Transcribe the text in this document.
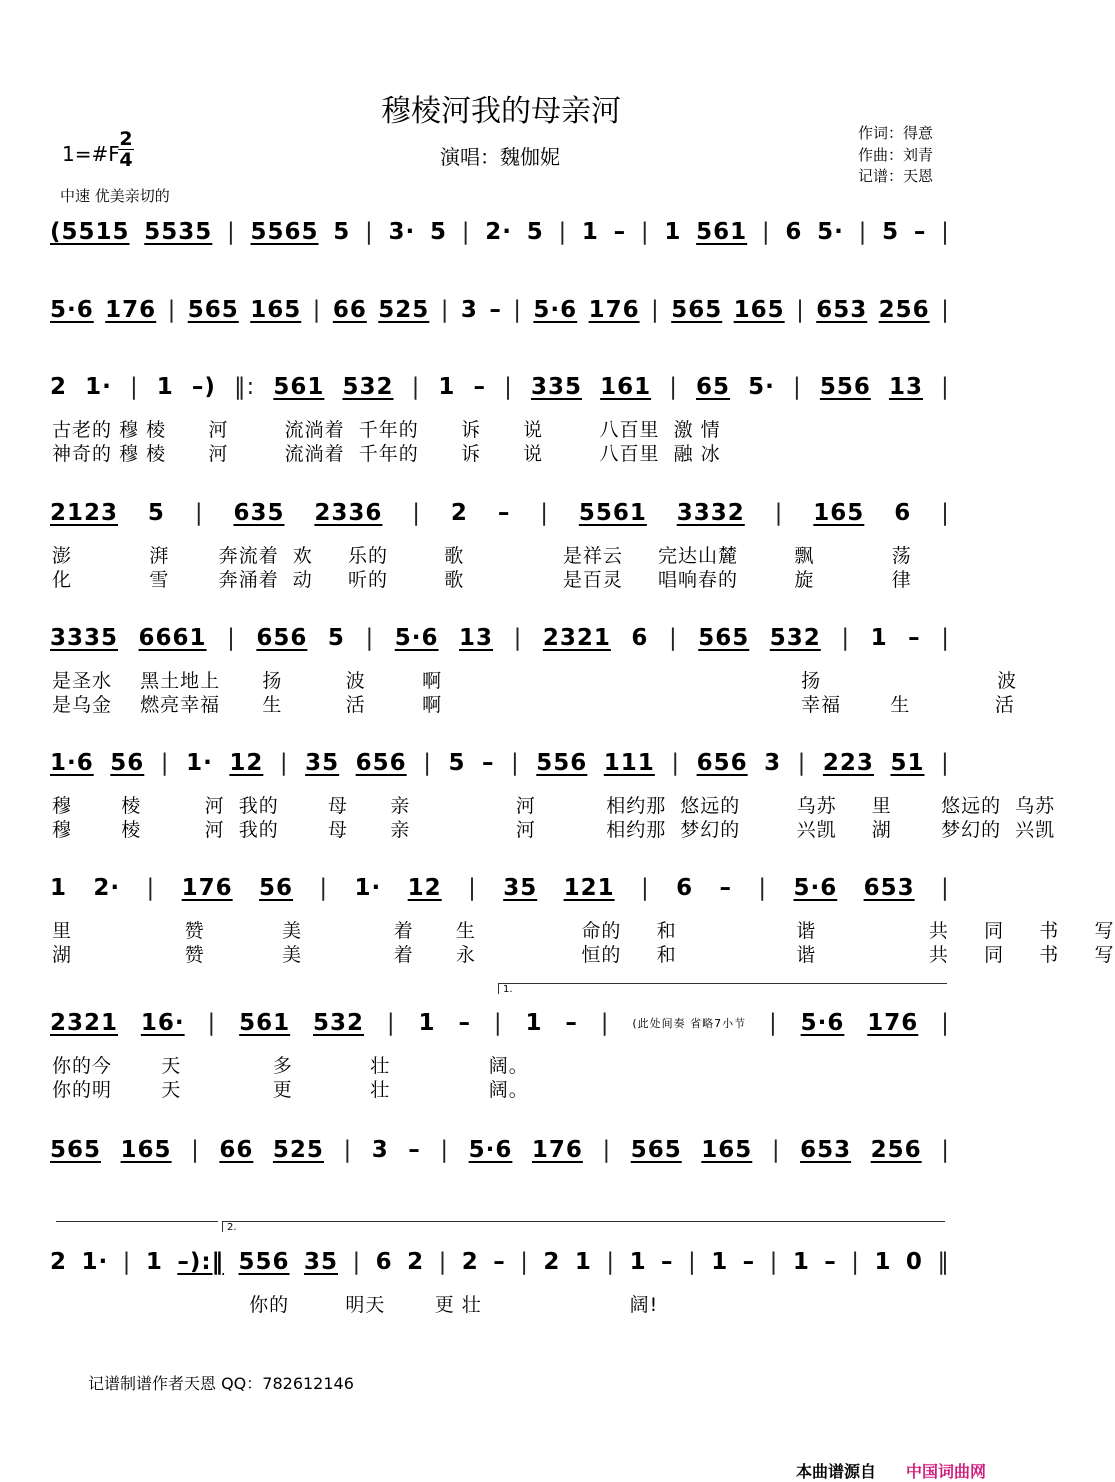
穆棱河我的母亲河
1=#F
$\frac{2}{4}$	演唱：魏伽妮
作词：得意
作曲：刘青
记谱：天恩
中速 优美亲切的
(5515 5535 | 5565 5 | 3· 5 | 2· 5 | 1 – | 1 561 | 6 5· | 5 – |
5·6 176 | 565 165 | 66 525 | 3 – | 5·6 176 | 565 165 | 653 256 |
2 1· | 1 –) ‖: 561 532 | 1 – | 335 161 | 65 5· | 556 13 |
古老的 穆 棱      河        流淌着  千年的      诉      说        八百里  激 情
神奇的 穆 棱      河        流淌着  千年的      诉      说        八百里  融 冰
2123 5 | 635 2336 | 2 – | 5561 3332 | 165 6 |
澎           湃       奔流着  欢     乐的        歌              是祥云     完达山麓        飘           荡
化           雪       奔涌着  动     听的        歌              是百灵     唱响春的        旋           律
3335 6661 | 656 5 | 5·6 13 | 2321 6 | 565 532 | 1 – |
是圣水    黑土地上      扬         波        啊                                                   扬                         波
是乌金    燃亮幸福      生         活        啊                                                   幸福       生            活
1·6 56 | 1· 12 | 35 656 | 5 – | 556 111 | 656 3 | 223 51 |
穆       棱         河  我的       母      亲               河          相约那  悠远的        乌苏     里       悠远的  乌苏
穆       棱         河  我的       母      亲               河          相约那  梦幻的        兴凯     湖       梦幻的  兴凯
1 2· | 176 56 | 1· 12 | 35 121 | 6 – | 5·6 653 |
里                赞           美             着      生               命的     和                 谐                共     同     书     写
湖                赞           美             着      永               恒的     和                 谐                共     同     书     写
2321 16· | 561 532 | 1 – | 1 – | (此处间奏 省略7小节 | 5·6 176 |
你的今       天             多           壮              阔。
你的明       天             更           壮              阔。
565 165 | 66 525 | 3 – | 5·6 176 | 565 165 | 653 256 |
2 1· | 1 –):‖ 556 35 | 6 2 | 2 – | 2 1 | 1 – | 1 – | 1 – | 1 0 ‖
你的        明天       更 壮                     阔!
1.
2.
记谱制谱作者天恩 QQ：782612146
本曲谱源自 中国词曲网
